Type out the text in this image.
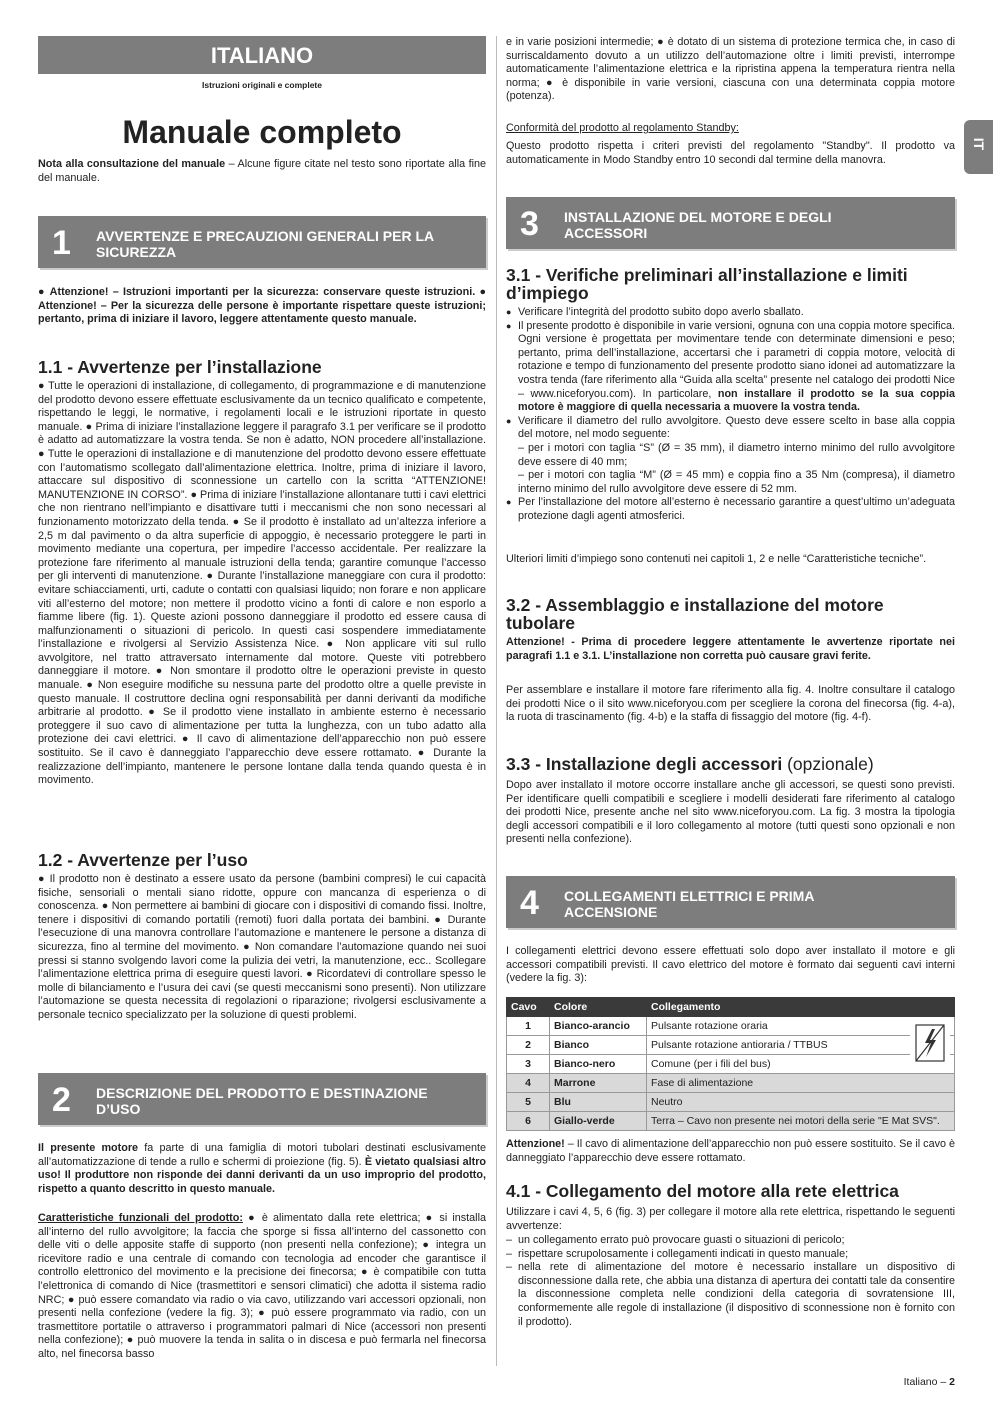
IT
ITALIANO
Istruzioni originali e complete
Manuale completo

Nota alla consultazione del manuale – Alcune figure citate nel testo sono riportate alla fine del manuale.

1 AVVERTENZE E PRECAUZIONI GENERALI PER LA SICUREZZA

● Attenzione! – Istruzioni importanti per la sicurezza: conservare queste istruzioni. ● Attenzione! – Per la sicurezza delle persone è importante rispettare queste istruzioni; pertanto, prima di iniziare il lavoro, leggere attentamente questo manuale.

1.1 - Avvertenze per l’installazione

● Tutte le operazioni di installazione, di collegamento, di programmazione e di manutenzione del prodotto devono essere effettuate esclusivamente da un tecnico qualificato e competente, rispettando le leggi, le normative, i regolamenti locali e le istruzioni riportate in questo manuale. ● Prima di iniziare l’installazione leggere il paragrafo 3.1 per verificare se il prodotto è adatto ad automatizzare la vostra tenda. Se non è adatto, NON procedere all’installazione. ● Tutte le operazioni di installazione e di manutenzione del prodotto devono essere effettuate con l’automatismo scollegato dall’alimentazione elettrica. Inoltre, prima di iniziare il lavoro, attaccare sul dispositivo di sconnessione un cartello con la scritta “ATTENZIONE! MANUTENZIONE IN CORSO”. ● Prima di iniziare l’installazione allontanare tutti i cavi elettrici che non rientrano nell’impianto e disattivare tutti i meccanismi che non sono necessari al funzionamento motorizzato della tenda. ● Se il prodotto è installato ad un’altezza inferiore a 2,5 m dal pavimento o da altra superficie di appoggio, è necessario proteggere le parti in movimento mediante una copertura, per impedire l’accesso accidentale. Per realizzare la protezione fare riferimento al manuale istruzioni della tenda; garantire comunque l’accesso per gli interventi di manutenzione. ● Durante l’installazione maneggiare con cura il prodotto: evitare schiacciamenti, urti, cadute o contatti con qualsiasi liquido; non forare e non applicare viti all’esterno del motore; non mettere il prodotto vicino a fonti di calore e non esporlo a fiamme libere (fig. 1). Queste azioni possono danneggiare il prodotto ed essere causa di malfunzionamenti o situazioni di pericolo. In questi casi sospendere immediatamente l’installazione e rivolgersi al Servizio Assistenza Nice. ● Non applicare viti sul rullo avvolgitore, nel tratto attraversato internamente dal motore. Queste viti potrebbero danneggiare il motore. ● Non smontare il prodotto oltre le operazioni previste in questo manuale. ● Non eseguire modifiche su nessuna parte del prodotto oltre a quelle previste in questo manuale. Il costruttore declina ogni responsabilità per danni derivanti da modifiche arbitrarie al prodotto. ● Se il prodotto viene installato in ambiente esterno è necessario proteggere il suo cavo di alimentazione per tutta la lunghezza, con un tubo adatto alla protezione dei cavi elettrici. ● Il cavo di alimentazione dell’apparecchio non può essere sostituito. Se il cavo è danneggiato l’apparecchio deve essere rottamato. ● Durante la realizzazione dell’impianto, mantenere le persone lontane dalla tenda quando questa è in movimento.

1.2 - Avvertenze per l’uso

● Il prodotto non è destinato a essere usato da persone (bambini compresi) le cui capacità fisiche, sensoriali o mentali siano ridotte, oppure con mancanza di esperienza o di conoscenza. ● Non permettere ai bambini di giocare con i dispositivi di comando fissi. Inoltre, tenere i dispositivi di comando portatili (remoti) fuori dalla portata dei bambini. ● Durante l’esecuzione di una manovra controllare l’automazione e mantenere le persone a distanza di sicurezza, fino al termine del movimento. ● Non comandare l’automazione quando nei suoi pressi si stanno svolgendo lavori come la pulizia dei vetri, la manutenzione, ecc.. Scollegare l’alimentazione elettrica prima di eseguire questi lavori. ● Ricordatevi di controllare spesso le molle di bilanciamento e l’usura dei cavi (se questi meccanismi sono presenti). Non utilizzare l’automazione se questa necessita di regolazioni o riparazione; rivolgersi esclusivamente a personale tecnico specializzato per la soluzione di questi problemi.

2 DESCRIZIONE DEL PRODOTTO E DESTINAZIONE D’USO

Il presente motore fa parte di una famiglia di motori tubolari destinati esclusivamente all’automatizzazione di tende a rullo e schermi di proiezione (fig. 5). È vietato qualsiasi altro uso! Il produttore non risponde dei danni derivanti da un uso improprio del prodotto, rispetto a quanto descritto in questo manuale.

Caratteristiche funzionali del prodotto: ● è alimentato dalla rete elettrica; ● si installa all’interno del rullo avvolgitore; la faccia che sporge si fissa all’interno del cassonetto con delle viti o delle apposite staffe di supporto (non presenti nella confezione); ● integra un ricevitore radio e una centrale di comando con tecnologia ad encoder che garantisce il controllo elettronico del movimento e la precisione dei finecorsa; ● è compatibile con tutta l’elettronica di comando di Nice (trasmettitori e sensori climatici) che adotta il sistema radio NRC; ● può essere comandato via radio o via cavo, utilizzando vari accessori opzionali, non presenti nella confezione (vedere la fig. 3); ● può essere programmato via radio, con un trasmettitore portatile o attraverso i programmatori palmari di Nice (accessori non presenti nella confezione); ● può muovere la tenda in salita o in discesa e può fermarla nel finecorsa alto, nel finecorsa basso

e in varie posizioni intermedie; ● è dotato di un sistema di protezione termica che, in caso di surriscaldamento dovuto a un utilizzo dell’automazione oltre i limiti previsti, interrompe automaticamente l’alimentazione elettrica e la ripristina appena la temperatura rientra nella norma; ● è disponibile in varie versioni, ciascuna con una determinata coppia motore (potenza).

Conformità del prodotto al regolamento Standby:

Questo prodotto rispetta i criteri previsti del regolamento "Standby". Il prodotto va automaticamente in Modo Standby entro 10 secondi dal termine della manovra.

3 INSTALLAZIONE DEL MOTORE E DEGLI ACCESSORI
3.1 - Verifiche preliminari all’installazione e limiti d’impiego
● Verificare l’integrità del prodotto subito dopo averlo sballato.
● Il presente prodotto è disponibile in varie versioni, ognuna con una coppia motore specifica. Ogni versione è progettata per movimentare tende con determinate dimensioni e peso; pertanto, prima dell’installazione, accertarsi che i parametri di coppia motore, velocità di rotazione e tempo di funzionamento del presente prodotto siano idonei ad automatizzare la vostra tenda (fare riferimento alla “Guida alla scelta” presente nel catalogo dei prodotti Nice – www.niceforyou.com). In particolare, non installare il prodotto se la sua coppia motore è maggiore di quella necessaria a muovere la vostra tenda.
● Verificare il diametro del rullo avvolgitore. Questo deve essere scelto in base alla coppia del motore, nel modo seguente:
– per i motori con taglia “S” (Ø = 35 mm), il diametro interno minimo del rullo avvolgitore deve essere di 40 mm;
– per i motori con taglia “M” (Ø = 45 mm) e coppia fino a 35 Nm (compresa), il diametro interno minimo del rullo avvolgitore deve essere di 52 mm.
● Per l’installazione del motore all’esterno è necessario garantire a quest’ultimo un’adeguata protezione dagli agenti atmosferici.

Ulteriori limiti d’impiego sono contenuti nei capitoli 1, 2 e nelle “Caratteristiche tecniche”.

3.2 - Assemblaggio e installazione del motore tubolare

Attenzione! - Prima di procedere leggere attentamente le avvertenze riportate nei paragrafi 1.1 e 3.1. L’installazione non corretta può causare gravi ferite.

Per assemblare e installare il motore fare riferimento alla fig. 4. Inoltre consultare il catalogo dei prodotti Nice o il sito www.niceforyou.com per scegliere la corona del finecorsa (fig. 4-a), la ruota di trascinamento (fig. 4-b) e la staffa di fissaggio del motore (fig. 4-f).

3.3 - Installazione degli accessori (opzionale)

Dopo aver installato il motore occorre installare anche gli accessori, se questi sono previsti. Per identificare quelli compatibili e scegliere i modelli desiderati fare riferimento al catalogo dei prodotti Nice, presente anche nel sito www.niceforyou.com. La fig. 3 mostra la tipologia degli accessori compatibili e il loro collegamento al motore (tutti questi sono opzionali e non presenti nella confezione).

4 COLLEGAMENTI ELETTRICI E PRIMA ACCENSIONE

I collegamenti elettrici devono essere effettuati solo dopo aver installato il motore e gli accessori compatibili previsti. Il cavo elettrico del motore è formato dai seguenti cavi interni (vedere la fig. 3):

Cavo	Colore	Collegamento
1	Bianco-arancio	Pulsante rotazione oraria
2	Bianco	Pulsante rotazione antioraria / TTBUS
3	Bianco-nero	Comune (per i fili del bus)
4	Marrone	Fase di alimentazione
5	Blu	Neutro
6	Giallo-verde	Terra – Cavo non presente nei motori della serie "E Mat SVS".

Attenzione! – Il cavo di alimentazione dell’apparecchio non può essere sostituito. Se il cavo è danneggiato l’apparecchio deve essere rottamato.

4.1 - Collegamento del motore alla rete elettrica

Utilizzare i cavi 4, 5, 6 (fig. 3) per collegare il motore alla rete elettrica, rispettando le seguenti avvertenze:

– un collegamento errato può provocare guasti o situazioni di pericolo;
– rispettare scrupolosamente i collegamenti indicati in questo manuale;
– nella rete di alimentazione del motore è necessario installare un dispositivo di disconnessione dalla rete, che abbia una distanza di apertura dei contatti tale da consentire la disconnessione completa nelle condizioni della categoria di sovratensione III, conformemente alle regole di installazione (il dispositivo di sconnessione non è fornito con il prodotto).
Italiano – 2
